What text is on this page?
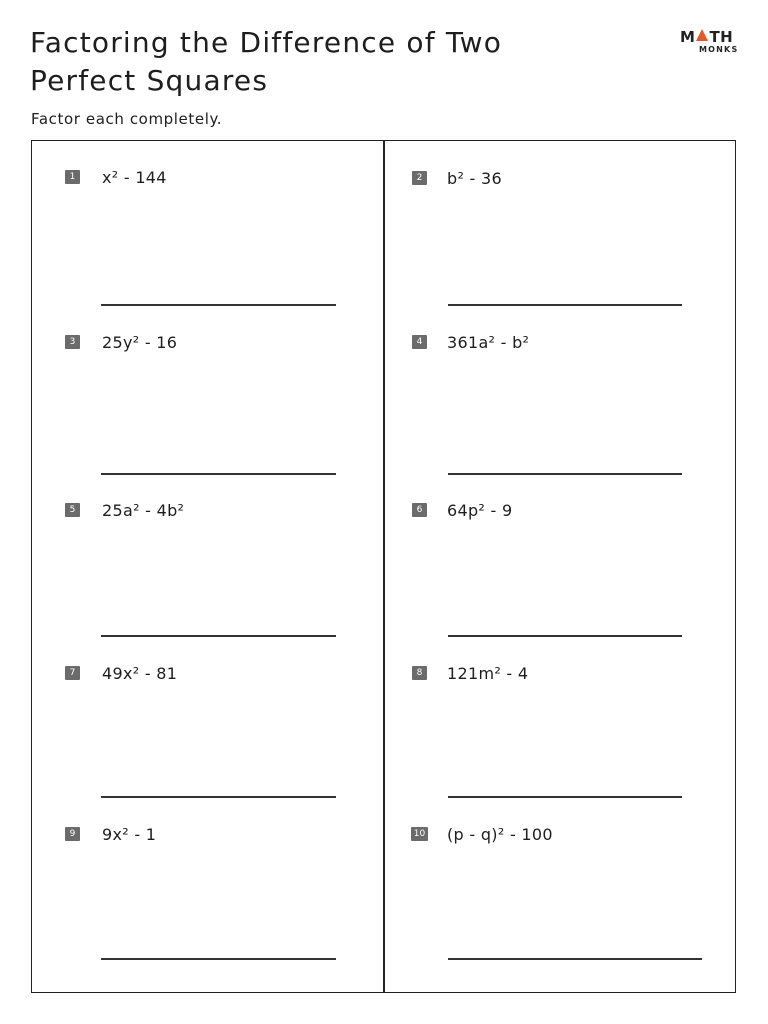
Factoring the Difference of Two
Perfect Squares
Factor each completely.
M TH
MONKS
1 x² - 144
3 25y² - 16
5 25a² - 4b²
7 49x² - 81
9 9x² - 1
2 b² - 36
4 361a² - b²
6 64p² - 9
8 121m² - 4
10 (p - q)² - 100
